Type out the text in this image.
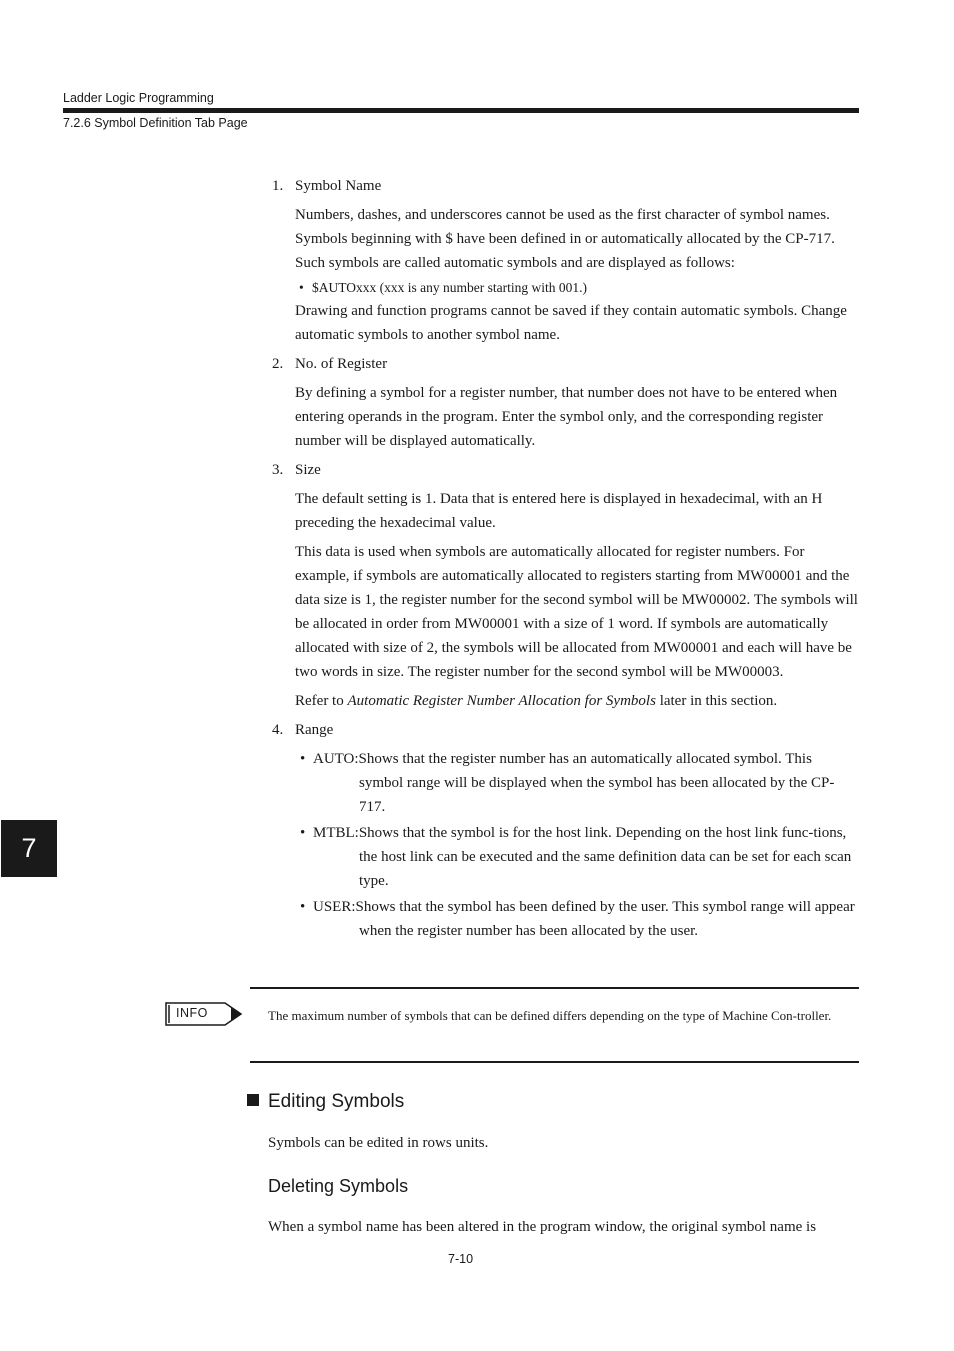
Ladder Logic Programming
7.2.6 Symbol Definition Tab Page
1. Symbol Name
Numbers, dashes, and underscores cannot be used as the first character of symbol names. Symbols beginning with $ have been defined in or automatically allocated by the CP-717. Such symbols are called automatic symbols and are displayed as follows:
• $AUTOxxx (xxx is any number starting with 001.)
Drawing and function programs cannot be saved if they contain automatic symbols. Change automatic symbols to another symbol name.
2. No. of Register
By defining a symbol for a register number, that number does not have to be entered when entering operands in the program. Enter the symbol only, and the corresponding register number will be displayed automatically.
3. Size
The default setting is 1. Data that is entered here is displayed in hexadecimal, with an H preceding the hexadecimal value.
This data is used when symbols are automatically allocated for register numbers. For example, if symbols are automatically allocated to registers starting from MW00001 and the data size is 1, the register number for the second symbol will be MW00002. The symbols will be allocated in order from MW00001 with a size of 1 word. If symbols are automatically allocated with size of 2, the symbols will be allocated from MW00001 and each will have be two words in size. The register number for the second symbol will be MW00003.
Refer to Automatic Register Number Allocation for Symbols later in this section.
4. Range
• AUTO:Shows that the register number has an automatically allocated symbol. This symbol range will be displayed when the symbol has been allocated by the CP-717.
• MTBL:Shows that the symbol is for the host link. Depending on the host link func-tions, the host link can be executed and the same definition data can be set for each scan type.
• USER:Shows that the symbol has been defined by the user. This symbol range will appear when the register number has been allocated by the user.
INFO	The maximum number of symbols that can be defined differs depending on the type of Machine Con-troller.
Editing Symbols
Symbols can be edited in rows units.
Deleting Symbols
When a symbol name has been altered in the program window, the original symbol name is
7
7-10
